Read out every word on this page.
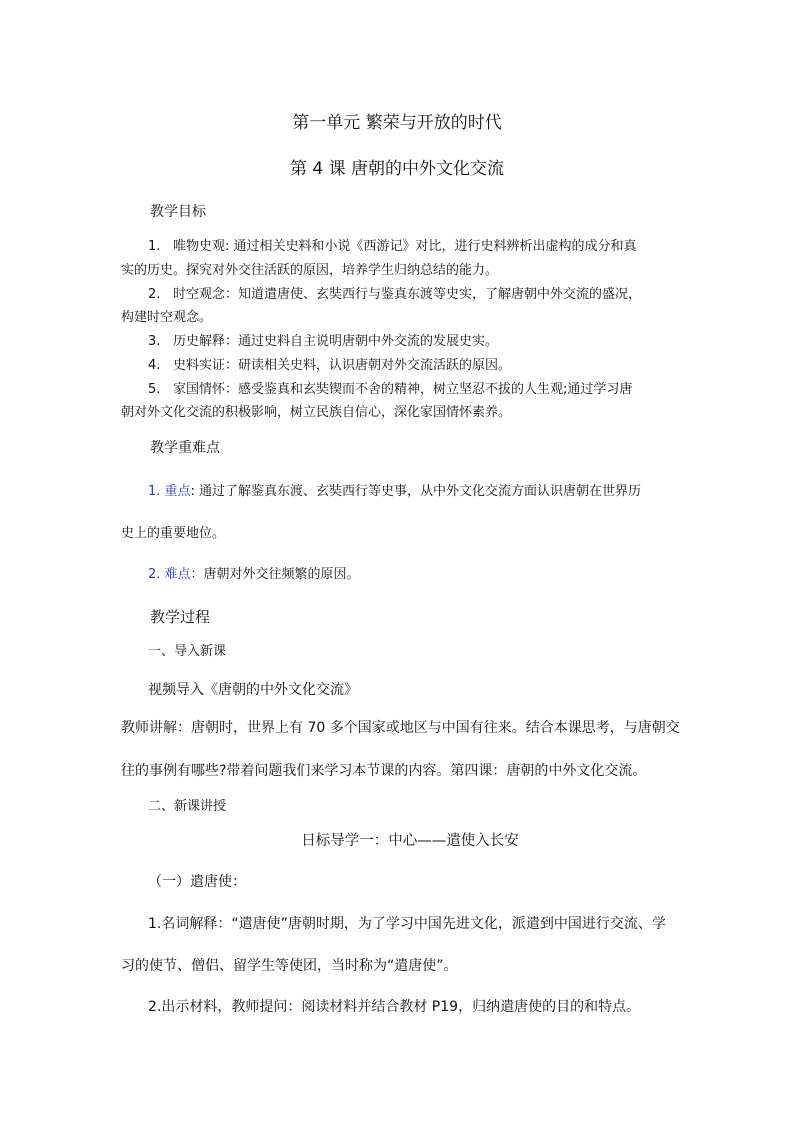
第一单元 繁荣与开放的时代
第 4 课 唐朝的中外文化交流
教学目标
1. 唯物史观: 通过相关史料和小说《西游记》对比，进行史料辨析出虚构的成分和真
实的历史。探究对外交往活跃的原因，培养学生归纳总结的能力。
2. 时空观念：知道遣唐使、玄奘西行与鉴真东渡等史实，了解唐朝中外交流的盛况，
构建时空观念。
3. 历史解释：通过史料自主说明唐朝中外交流的发展史实。
4. 史料实证：研读相关史料，认识唐朝对外交流活跃的原因。
5. 家国情怀：感受鉴真和玄奘锲而不舍的精神，树立坚忍不拔的人生观;通过学习唐
朝对外文化交流的积极影响，树立民族自信心，深化家国情怀素养。
教学重难点
1. 重点: 通过了解鉴真东渡、玄奘西行等史事，从中外文化交流方面认识唐朝在世界历
史上的重要地位。
2. 难点：唐朝对外交往频繁的原因。
教学过程
一、导入新课
视频导入《唐朝的中外文化交流》
教师讲解：唐朝时，世界上有 70 多个国家或地区与中国有往来。结合本课思考，与唐朝交
往的事例有哪些?带着问题我们来学习本节课的内容。第四课：唐朝的中外文化交流。
二、新课讲授
日标导学一：中心——遣使入长安
（一）遣唐使：
1.名词解释：“遣唐使”唐朝时期，为了学习中国先进文化，派遣到中国进行交流、学
习的使节、僧侣、留学生等使团，当时称为“遣唐使”。
2.出示材料，教师提问：阅读材料并结合教材 P19，归纳遣唐使的目的和特点。
